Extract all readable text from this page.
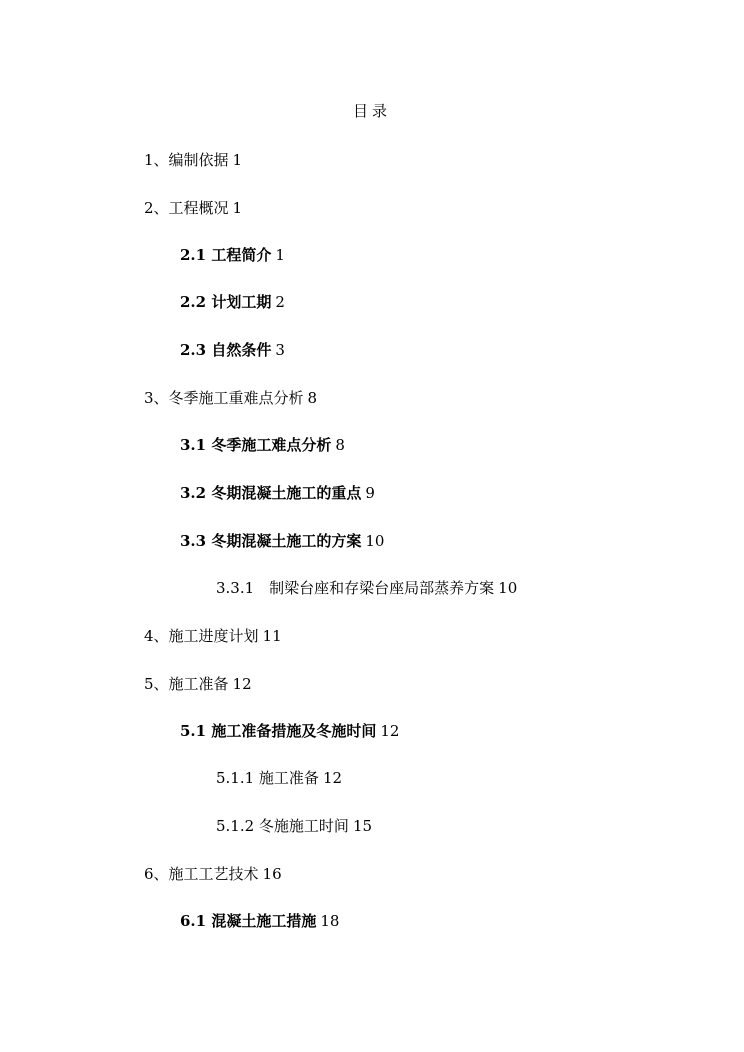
目录
1、编制依据 1
2、工程概况 1
2.1 工程简介 1
2.2 计划工期 2
2.3 自然条件 3
3、冬季施工重难点分析 8
3.1 冬季施工难点分析 8
3.2 冬期混凝土施工的重点 9
3.3 冬期混凝土施工的方案 10
3.3.1　制梁台座和存梁台座局部蒸养方案 10
4、施工进度计划 11
5、施工准备 12
5.1 施工准备措施及冬施时间 12
5.1.1 施工准备 12
5.1.2 冬施施工时间 15
6、施工工艺技术 16
6.1 混凝土施工措施 18
